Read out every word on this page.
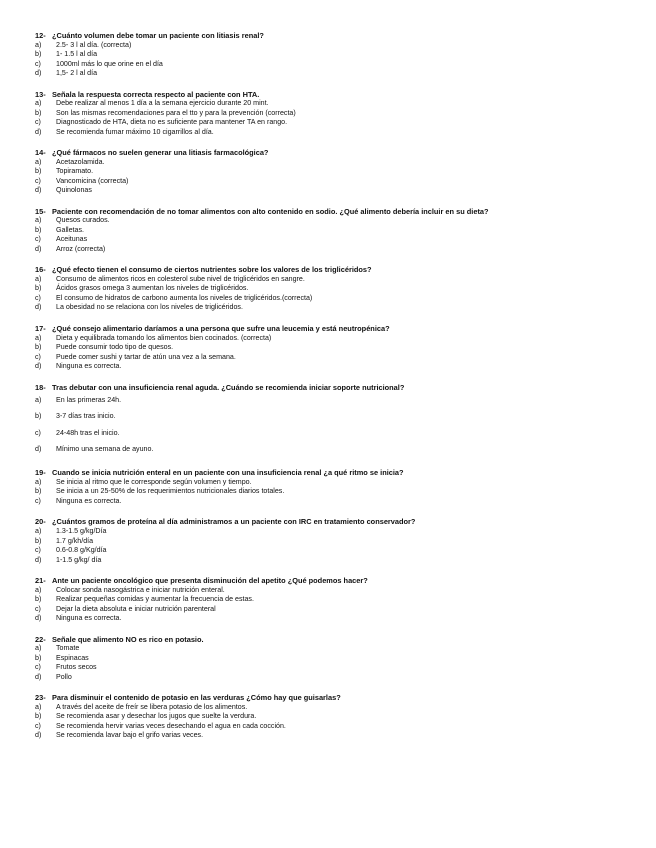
12- ¿Cuánto volumen debe tomar un paciente con litiasis renal?
a) 2.5- 3 l al día. (correcta)
b) 1- 1.5 l al día
c) 1000ml más lo que orine en el día
d) 1,5- 2 l al día
13- Señala la respuesta correcta respecto al paciente con HTA.
a) Debe realizar al menos 1 día a la semana ejercicio durante 20 mint.
b) Son las mismas recomendaciones para el tto y para la prevención (correcta)
c) Diagnosticado de HTA, dieta no es suficiente para mantener TA en rango.
d) Se recomienda fumar máximo 10 cigarrillos al día.
14- ¿Qué fármacos no suelen generar una litiasis farmacológica?
a) Acetazolamida.
b) Topiramato.
c) Vancomicina (correcta)
d) Quinolonas
15- Paciente con recomendación de no tomar alimentos con alto contenido en sodio. ¿Qué alimento debería incluir en su dieta?
a) Quesos curados.
b) Galletas.
c) Aceitunas
d) Arroz (correcta)
16- ¿Qué efecto tienen el consumo de ciertos nutrientes sobre los valores de los triglicéridos?
a) Consumo de alimentos ricos en colesterol sube nivel de triglicéridos en sangre.
b) Ácidos grasos omega 3 aumentan los niveles de triglicéridos.
c) El consumo de hidratos de carbono aumenta los niveles de triglicéridos.(correcta)
d) La obesidad no se relaciona con los niveles de triglicéridos.
17- ¿Qué consejo alimentario daríamos a una persona que sufre una leucemia y está neutropénica?
a) Dieta y equilibrada tomando los alimentos bien cocinados. (correcta)
b) Puede consumir todo tipo de quesos.
c) Puede comer sushi y tartar de atún una vez a la semana.
d) Ninguna es correcta.
18- Tras debutar con una insuficiencia renal aguda. ¿Cuándo se recomienda iniciar soporte nutricional?
a) En las primeras 24h.
b) 3-7 días tras inicio.
c) 24-48h tras el inicio.
d) Mínimo una semana de ayuno.
19- Cuando se inicia nutrición enteral en un paciente con una insuficiencia renal ¿a qué ritmo se inicia?
a) Se inicia al ritmo que le corresponde según volumen y tiempo.
b) Se inicia a un 25-50% de los requerimientos nutricionales diarios totales.
c) Ninguna es correcta.
20- ¿Cuántos gramos de proteína al día administramos a un paciente con IRC en tratamiento conservador?
a) 1.3-1.5 g/kg/Día
b) 1.7 g/kh/día
c) 0.6-0.8 g/Kg/día
d) 1-1.5 g/kg/ día
21- Ante un paciente oncológico que presenta disminución del apetito ¿Qué podemos hacer?
a) Colocar sonda nasogástrica e iniciar nutrición enteral.
b) Realizar pequeñas comidas y aumentar la frecuencia de estas.
c) Dejar la dieta absoluta e iniciar nutrición parenteral
d) Ninguna es correcta.
22- Señale que alimento NO es rico en potasio.
a) Tomate
b) Espinacas
c) Frutos secos
d) Pollo
23- Para disminuir el contenido de potasio en las verduras ¿Cómo hay que guisarlas?
a) A través del aceite de freír se libera potasio de los alimentos.
b) Se recomienda asar y desechar los jugos que suelte la verdura.
c) Se recomienda hervir varias veces desechando el agua en cada cocción.
d) Se recomienda lavar bajo el grifo varias veces.
